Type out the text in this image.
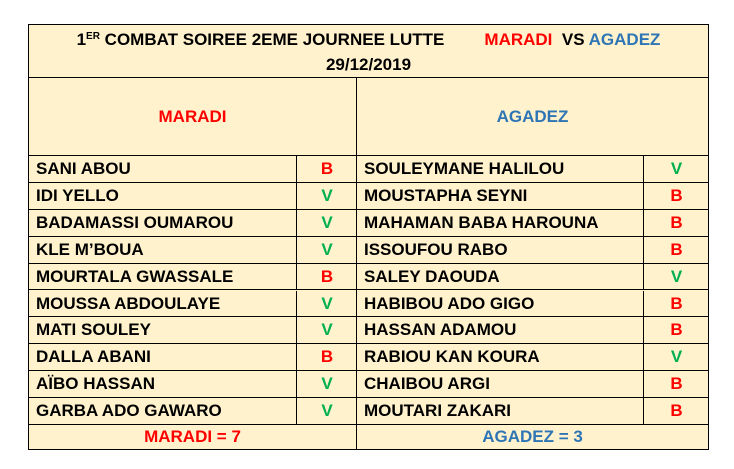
1ER COMBAT SOIREE 2EME JOURNEE LUTTE MARADI VS AGADEZ
29/12/2019
MARADI	AGADEZ
SANI ABOU	B	SOULEYMANE HALILOU	V
IDI YELLO	V	MOUSTAPHA SEYNI	B
BADAMASSI OUMAROU	V	MAHAMAN BABA HAROUNA	B
KLE M’BOUA	V	ISSOUFOU RABO	B
MOURTALA GWASSALE	B	SALEY DAOUDA	V
MOUSSA ABDOULAYE	V	HABIBOU ADO GIGO	B
MATI SOULEY	V	HASSAN ADAMOU	B
DALLA ABANI	B	RABIOU KAN KOURA	V
AÏBO HASSAN	V	CHAIBOU ARGI	B
GARBA ADO GAWARO	V	MOUTARI ZAKARI	B
MARADI = 7	AGADEZ = 3
